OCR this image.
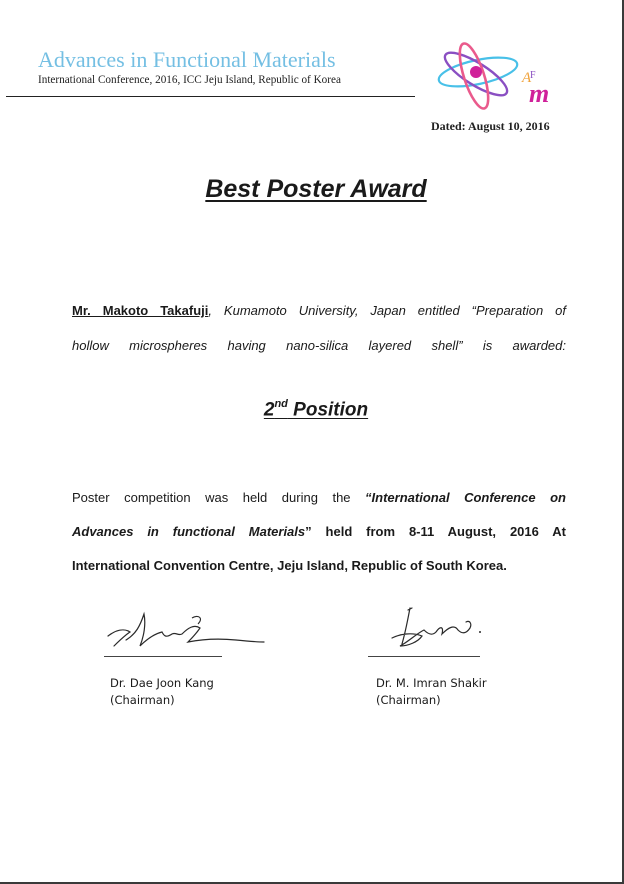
Advances in Functional Materials
International Conference, 2016, ICC Jeju Island, Republic of Korea	A
F
m
Dated: August 10, 2016
Best Poster Award
Mr. Makoto Takafuji, Kumamoto University, Japan entitled “Preparation of
hollow microspheres having nano-silica layered shell” is awarded:
2nd Position
Poster competition was held during the “International Conference on
Advances in functional Materials” held from 8-11 August, 2016 At
International Convention Centre, Jeju Island, Republic of South Korea.
Dr. Dae Joon Kang
(Chairman)
Dr. M. Imran Shakir
(Chairman)
